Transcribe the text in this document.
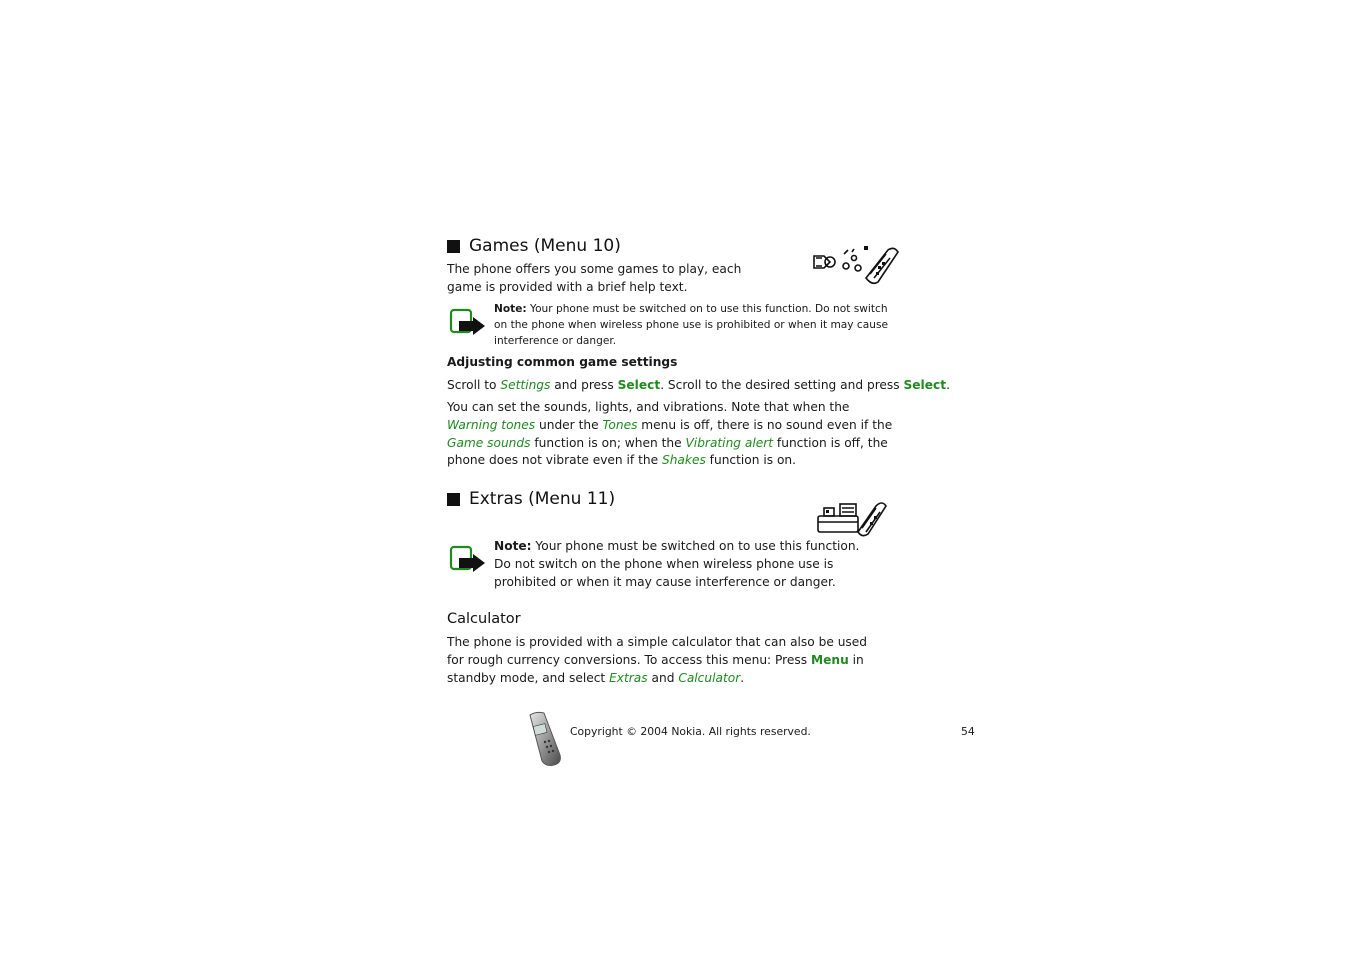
Games (Menu 10)
The phone offers you some games to play, each game is provided with a brief help text.
Note: Your phone must be switched on to use this function. Do not switch on the phone when wireless phone use is prohibited or when it may cause interference or danger.
Adjusting common game settings
Scroll to Settings and press Select. Scroll to the desired setting and press Select.
You can set the sounds, lights, and vibrations. Note that when the Warning tones under the Tones menu is off, there is no sound even if the Game sounds function is on; when the Vibrating alert function is off, the phone does not vibrate even if the Shakes function is on.
Extras (Menu 11)
Note: Your phone must be switched on to use this function. Do not switch on the phone when wireless phone use is prohibited or when it may cause interference or danger.
Calculator
The phone is provided with a simple calculator that can also be used for rough currency conversions. To access this menu: Press Menu in standby mode, and select Extras and Calculator.
Copyright © 2004 Nokia. All rights reserved.	54
